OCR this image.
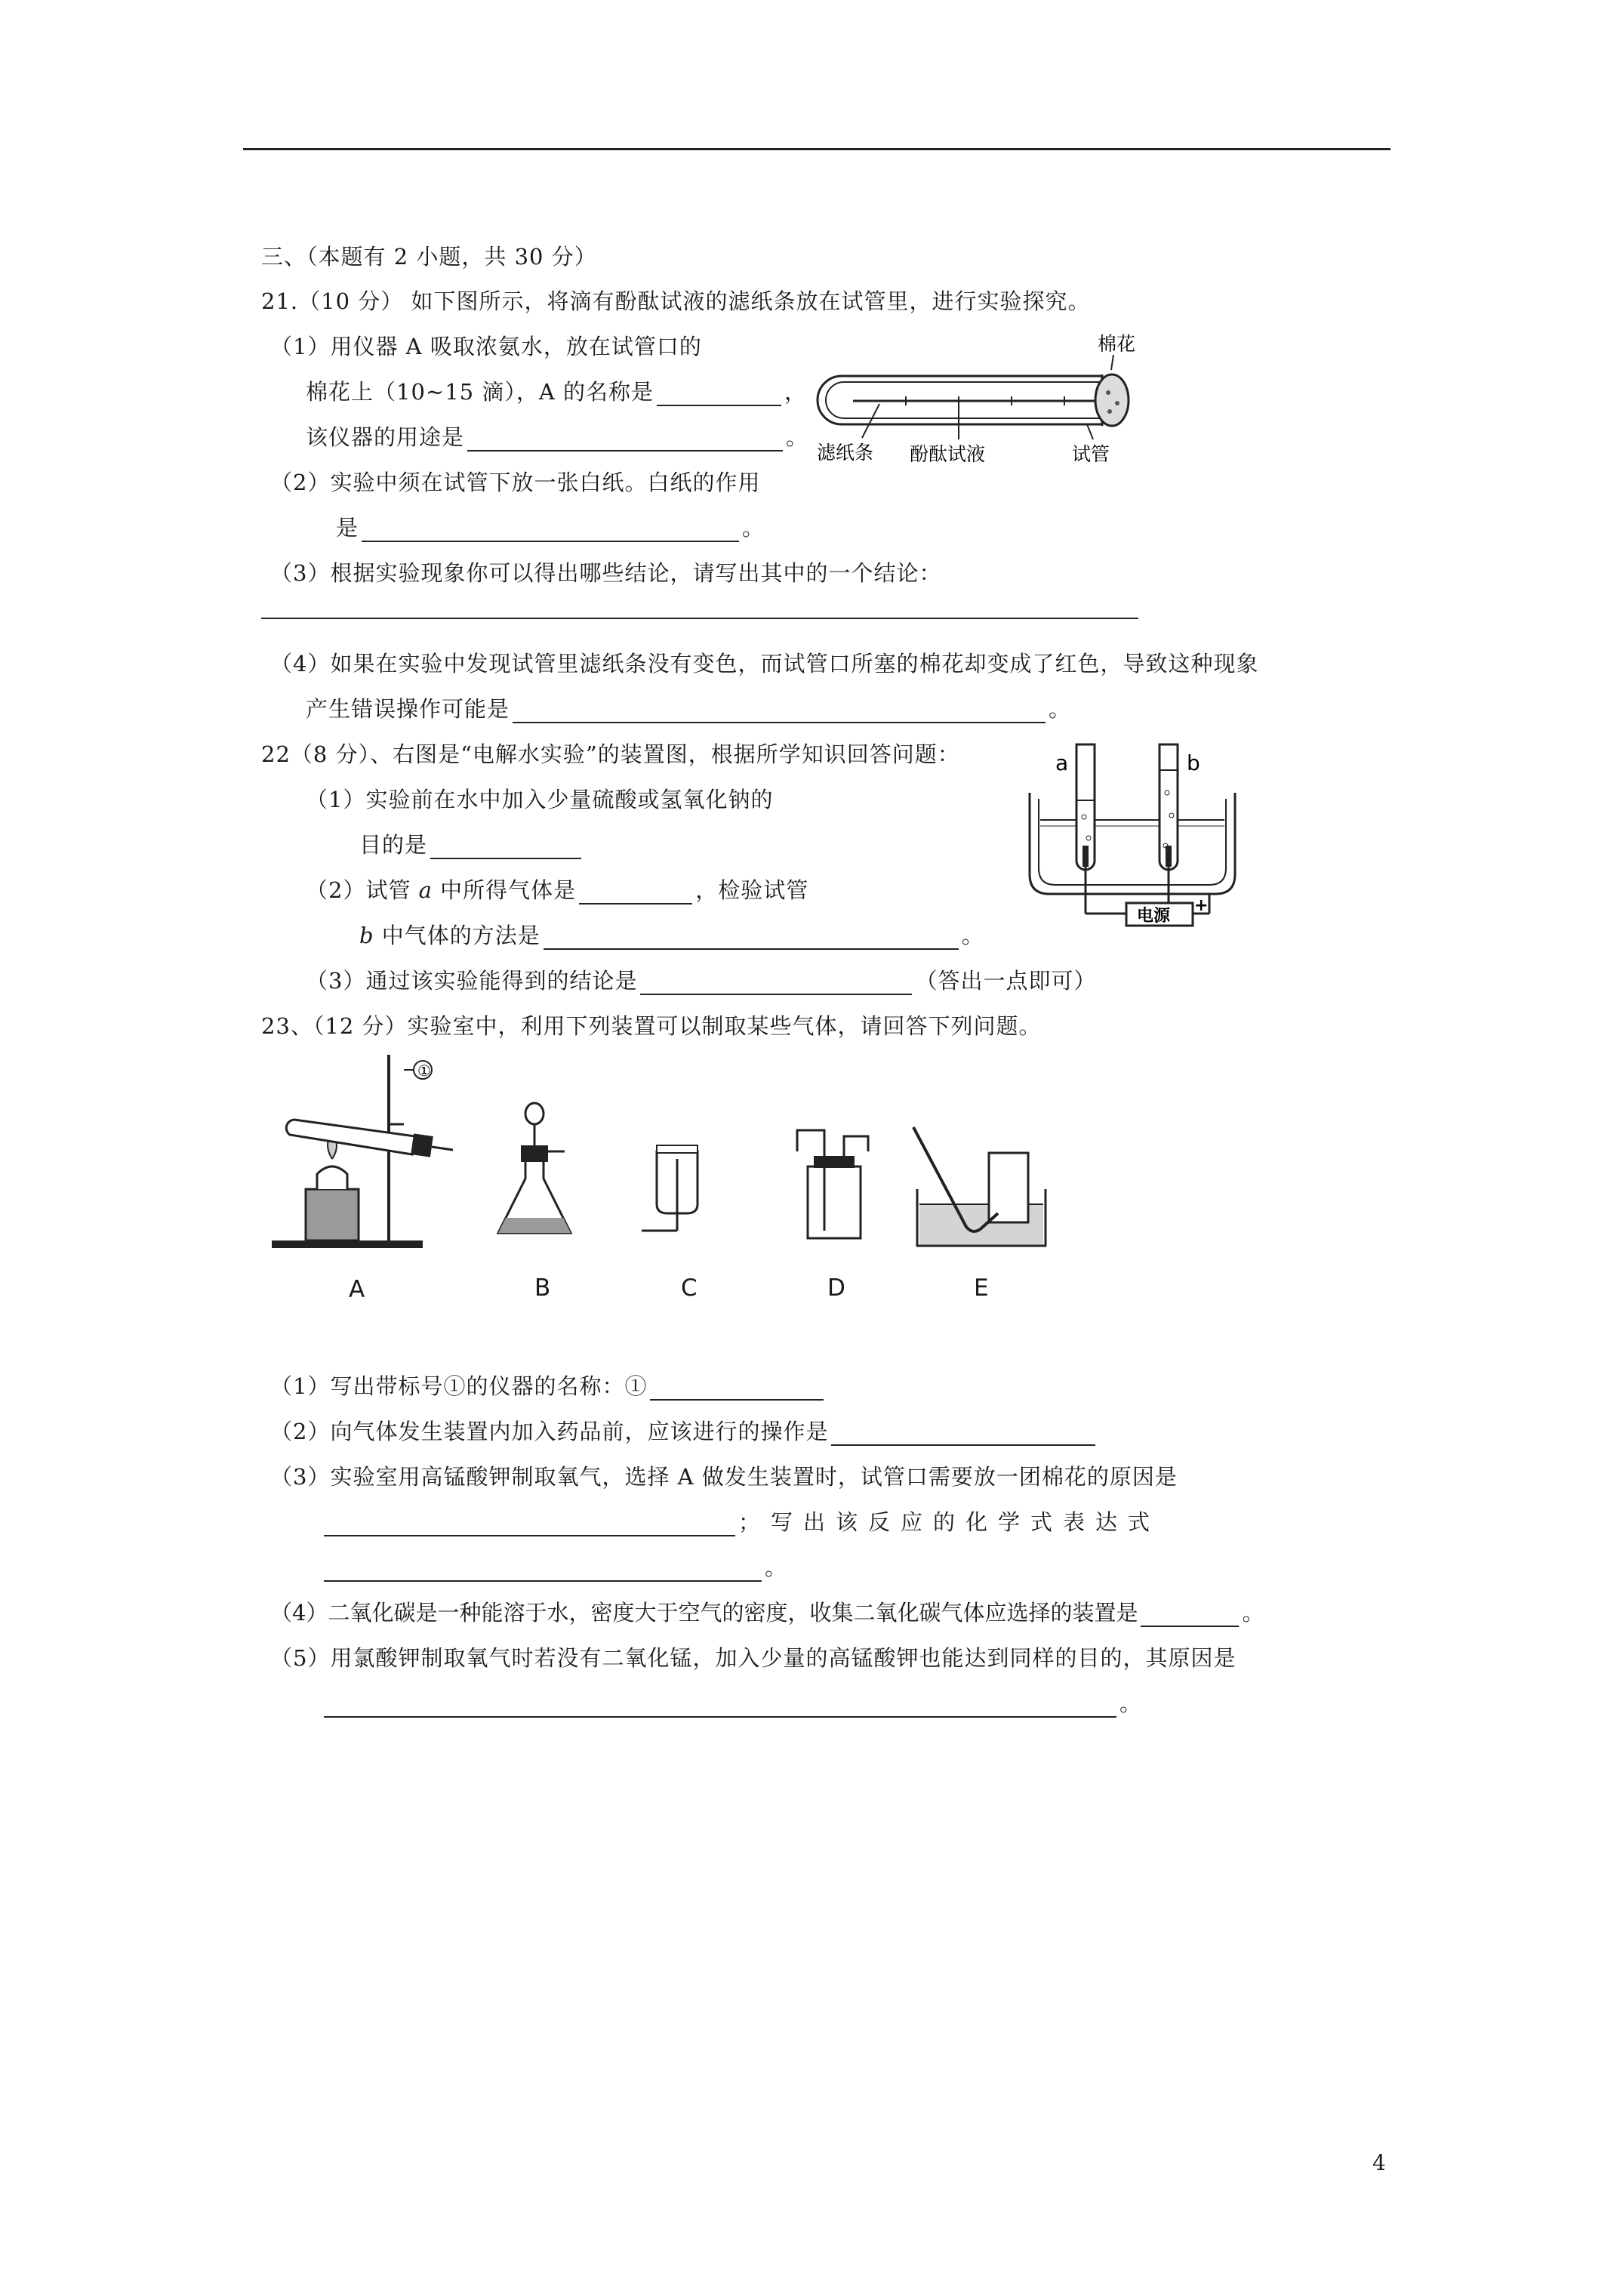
三、（本题有 2 小题，共 30 分）
21.（10 分） 如下图所示，将滴有酚酞试液的滤纸条放在试管里，进行实验探究。
（1）用仪器 A 吸取浓氨水，放在试管口的
棉花上（10~15 滴），A 的名称是	，
该仪器的用途是	。
（2）实验中须在试管下放一张白纸。白纸的作用
是	。
（3）根据实验现象你可以得出哪些结论，请写出其中的一个结论：
（4）如果在实验中发现试管里滤纸条没有变色，而试管口所塞的棉花却变成了红色，导致这种现象
产生错误操作可能是	。
棉花
滤纸条 酚酞试液	试管
22（8 分）、右图是“电解水实验”的装置图，根据所学知识回答问题：
（1）实验前在水中加入少量硫酸或氢氧化钠的
目的是
（2）试管 a 中所得气体是	，检验试管
b 中气体的方法是	。
（3）通过该实验能得到的结论是	（答出一点即可）
a	b
电源
+
23、（12 分）实验室中，利用下列装置可以制取某些气体，请回答下列问题。
①
A	B	C	D	E
（1）写出带标号①的仪器的名称：①
（2）向气体发生装置内加入药品前，应该进行的操作是
（3）实验室用高锰酸钾制取氧气，选择 A 做发生装置时，试管口需要放一团棉花的原因是
；写出该反应的化学式表达式
。
（4）二氧化碳是一种能溶于水，密度大于空气的密度，收集二氧化碳气体应选择的装置是	。
（5）用氯酸钾制取氧气时若没有二氧化锰，加入少量的高锰酸钾也能达到同样的目的，其原因是
。
4
